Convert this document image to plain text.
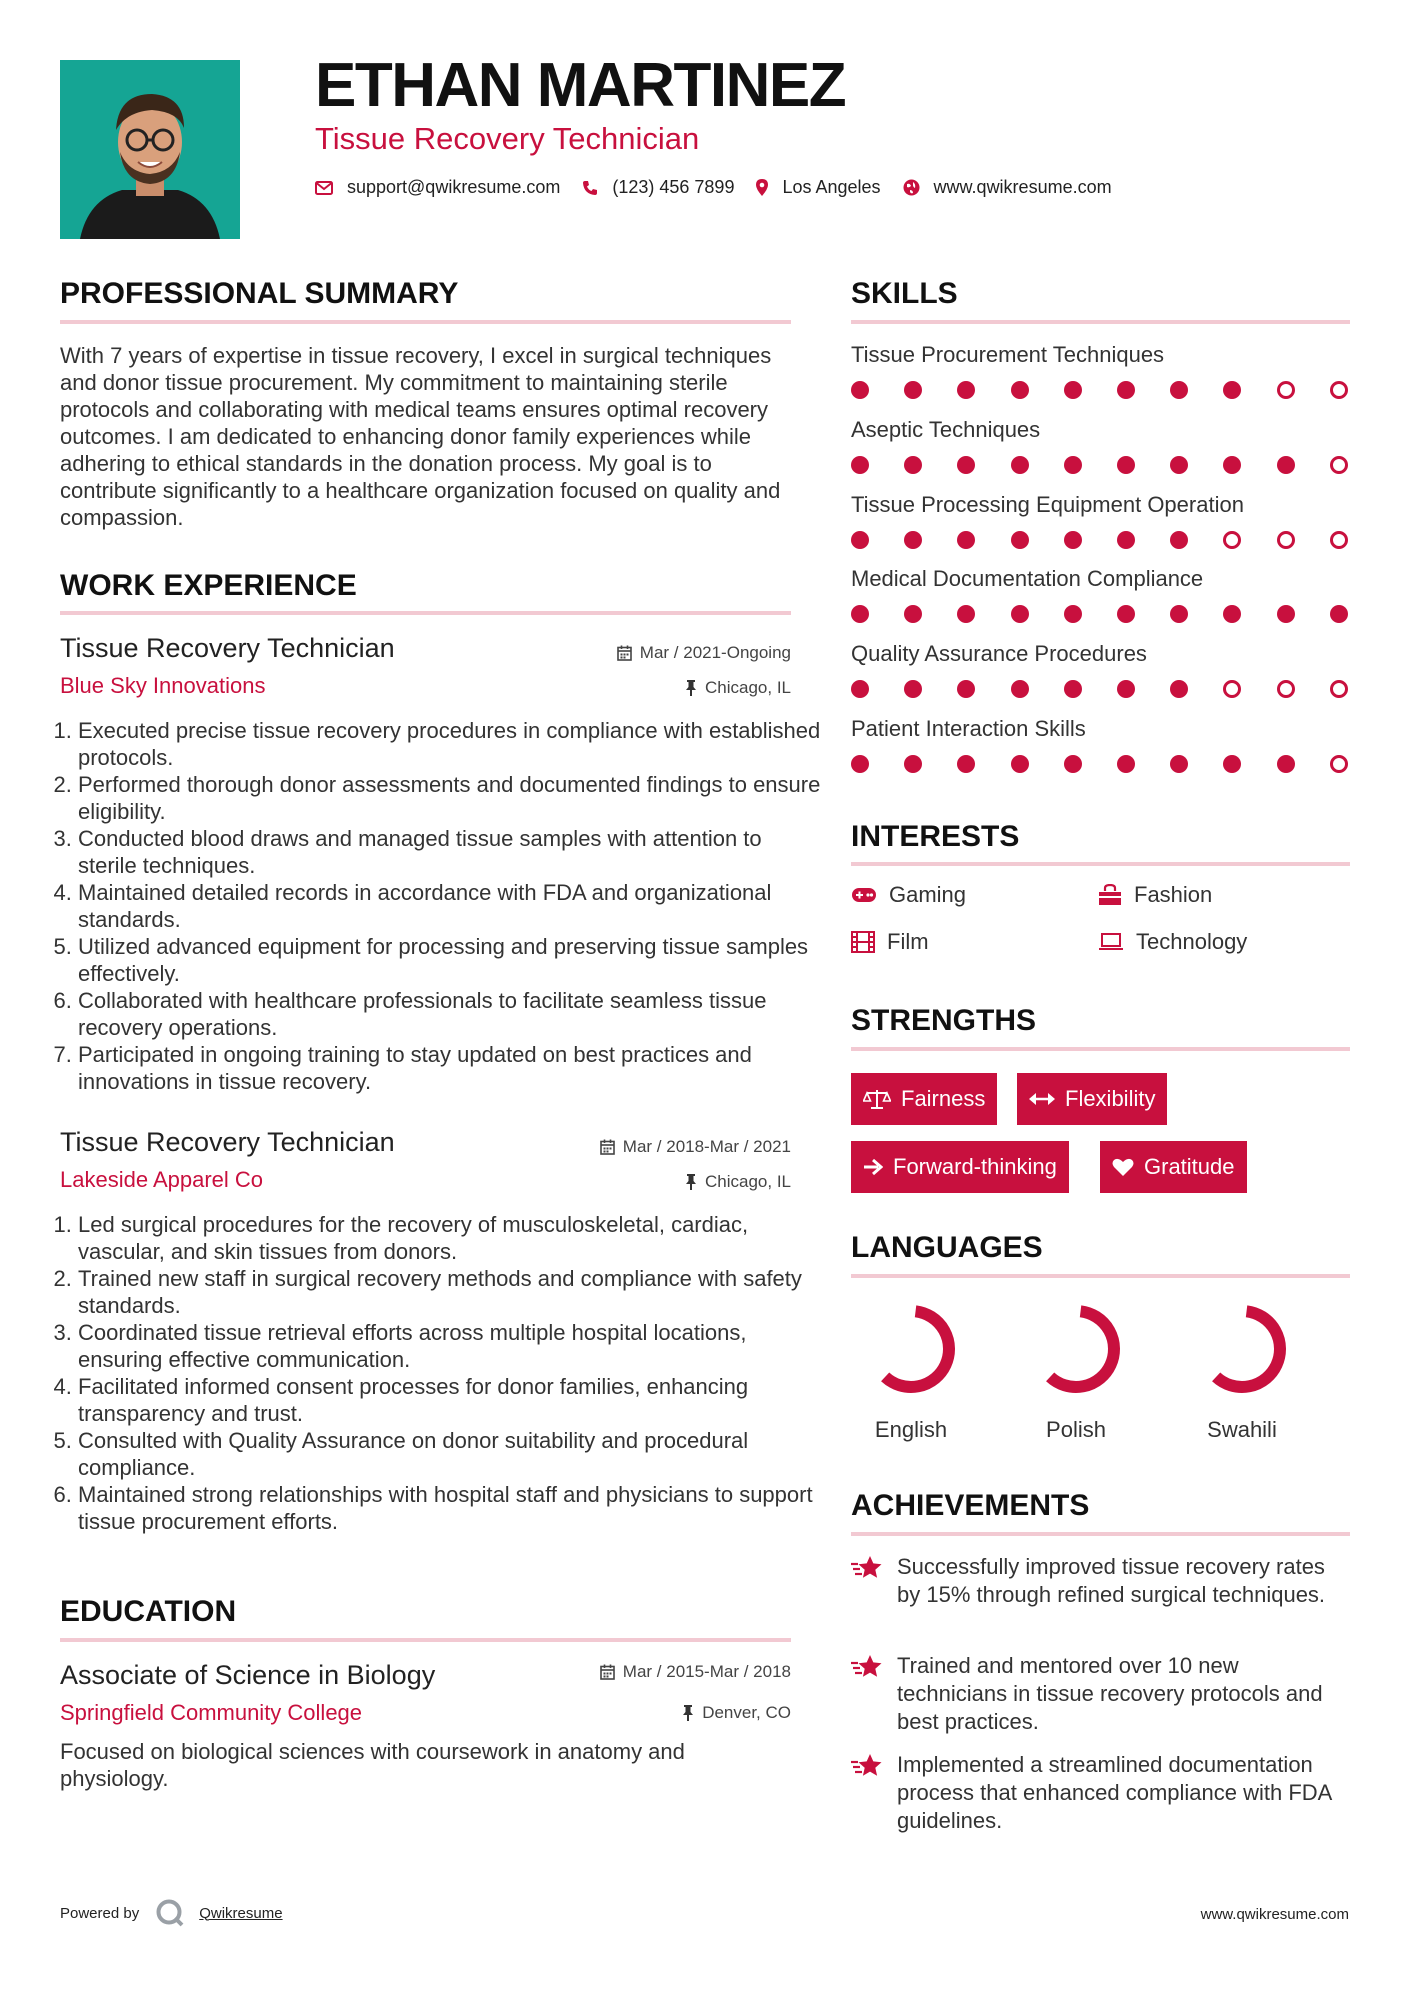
ETHAN MARTINEZ
Tissue Recovery Technician
support@qwikresume.com	(123) 456 7899	Los Angeles	www.qwikresume.com
PROFESSIONAL SUMMARY

With 7 years of expertise in tissue recovery, I excel in surgical techniques and donor tissue procurement. My commitment to maintaining sterile protocols and collaborating with medical teams ensures optimal recovery outcomes. I am dedicated to enhancing donor family experiences while adhering to ethical standards in the donation process. My goal is to contribute significantly to a healthcare organization focused on quality and compassion.

WORK EXPERIENCE
Tissue Recovery Technician	Mar / 2021-Ongoing
Blue Sky Innovations	Chicago, IL
1. Executed precise tissue recovery procedures in compliance with established protocols.
2. Performed thorough donor assessments and documented findings to ensure eligibility.
3. Conducted blood draws and managed tissue samples with attention to sterile techniques.
4. Maintained detailed records in accordance with FDA and organizational standards.
5. Utilized advanced equipment for processing and preserving tissue samples effectively.
6. Collaborated with healthcare professionals to facilitate seamless tissue recovery operations.
7. Participated in ongoing training to stay updated on best practices and innovations in tissue recovery.
Tissue Recovery Technician	Mar / 2018-Mar / 2021
Lakeside Apparel Co	Chicago, IL
1. Led surgical procedures for the recovery of musculoskeletal, cardiac, vascular, and skin tissues from donors.
2. Trained new staff in surgical recovery methods and compliance with safety standards.
3. Coordinated tissue retrieval efforts across multiple hospital locations, ensuring effective communication.
4. Facilitated informed consent processes for donor families, enhancing transparency and trust.
5. Consulted with Quality Assurance on donor suitability and procedural compliance.
6. Maintained strong relationships with hospital staff and physicians to support tissue procurement efforts.
EDUCATION
Associate of Science in Biology	Mar / 2015-Mar / 2018
Springfield Community College	Denver, CO

Focused on biological sciences with coursework in anatomy and physiology.

SKILLS
Tissue Procurement Techniques
Aseptic Techniques
Tissue Processing Equipment Operation
Medical Documentation Compliance
Quality Assurance Procedures
Patient Interaction Skills
INTERESTS
Gaming	Fashion
Film	Technology
STRENGTHS
Fairness	Flexibility
Forward-thinking	Gratitude
LANGUAGES
English	Polish	Swahili
ACHIEVEMENTS
Successfully improved tissue recovery rates by 15% through refined surgical techniques.
Trained and mentored over 10 new technicians in tissue recovery protocols and best practices.
Implemented a streamlined documentation process that enhanced compliance with FDA guidelines.
Powered by	Qwikresume	www.qwikresume.com
